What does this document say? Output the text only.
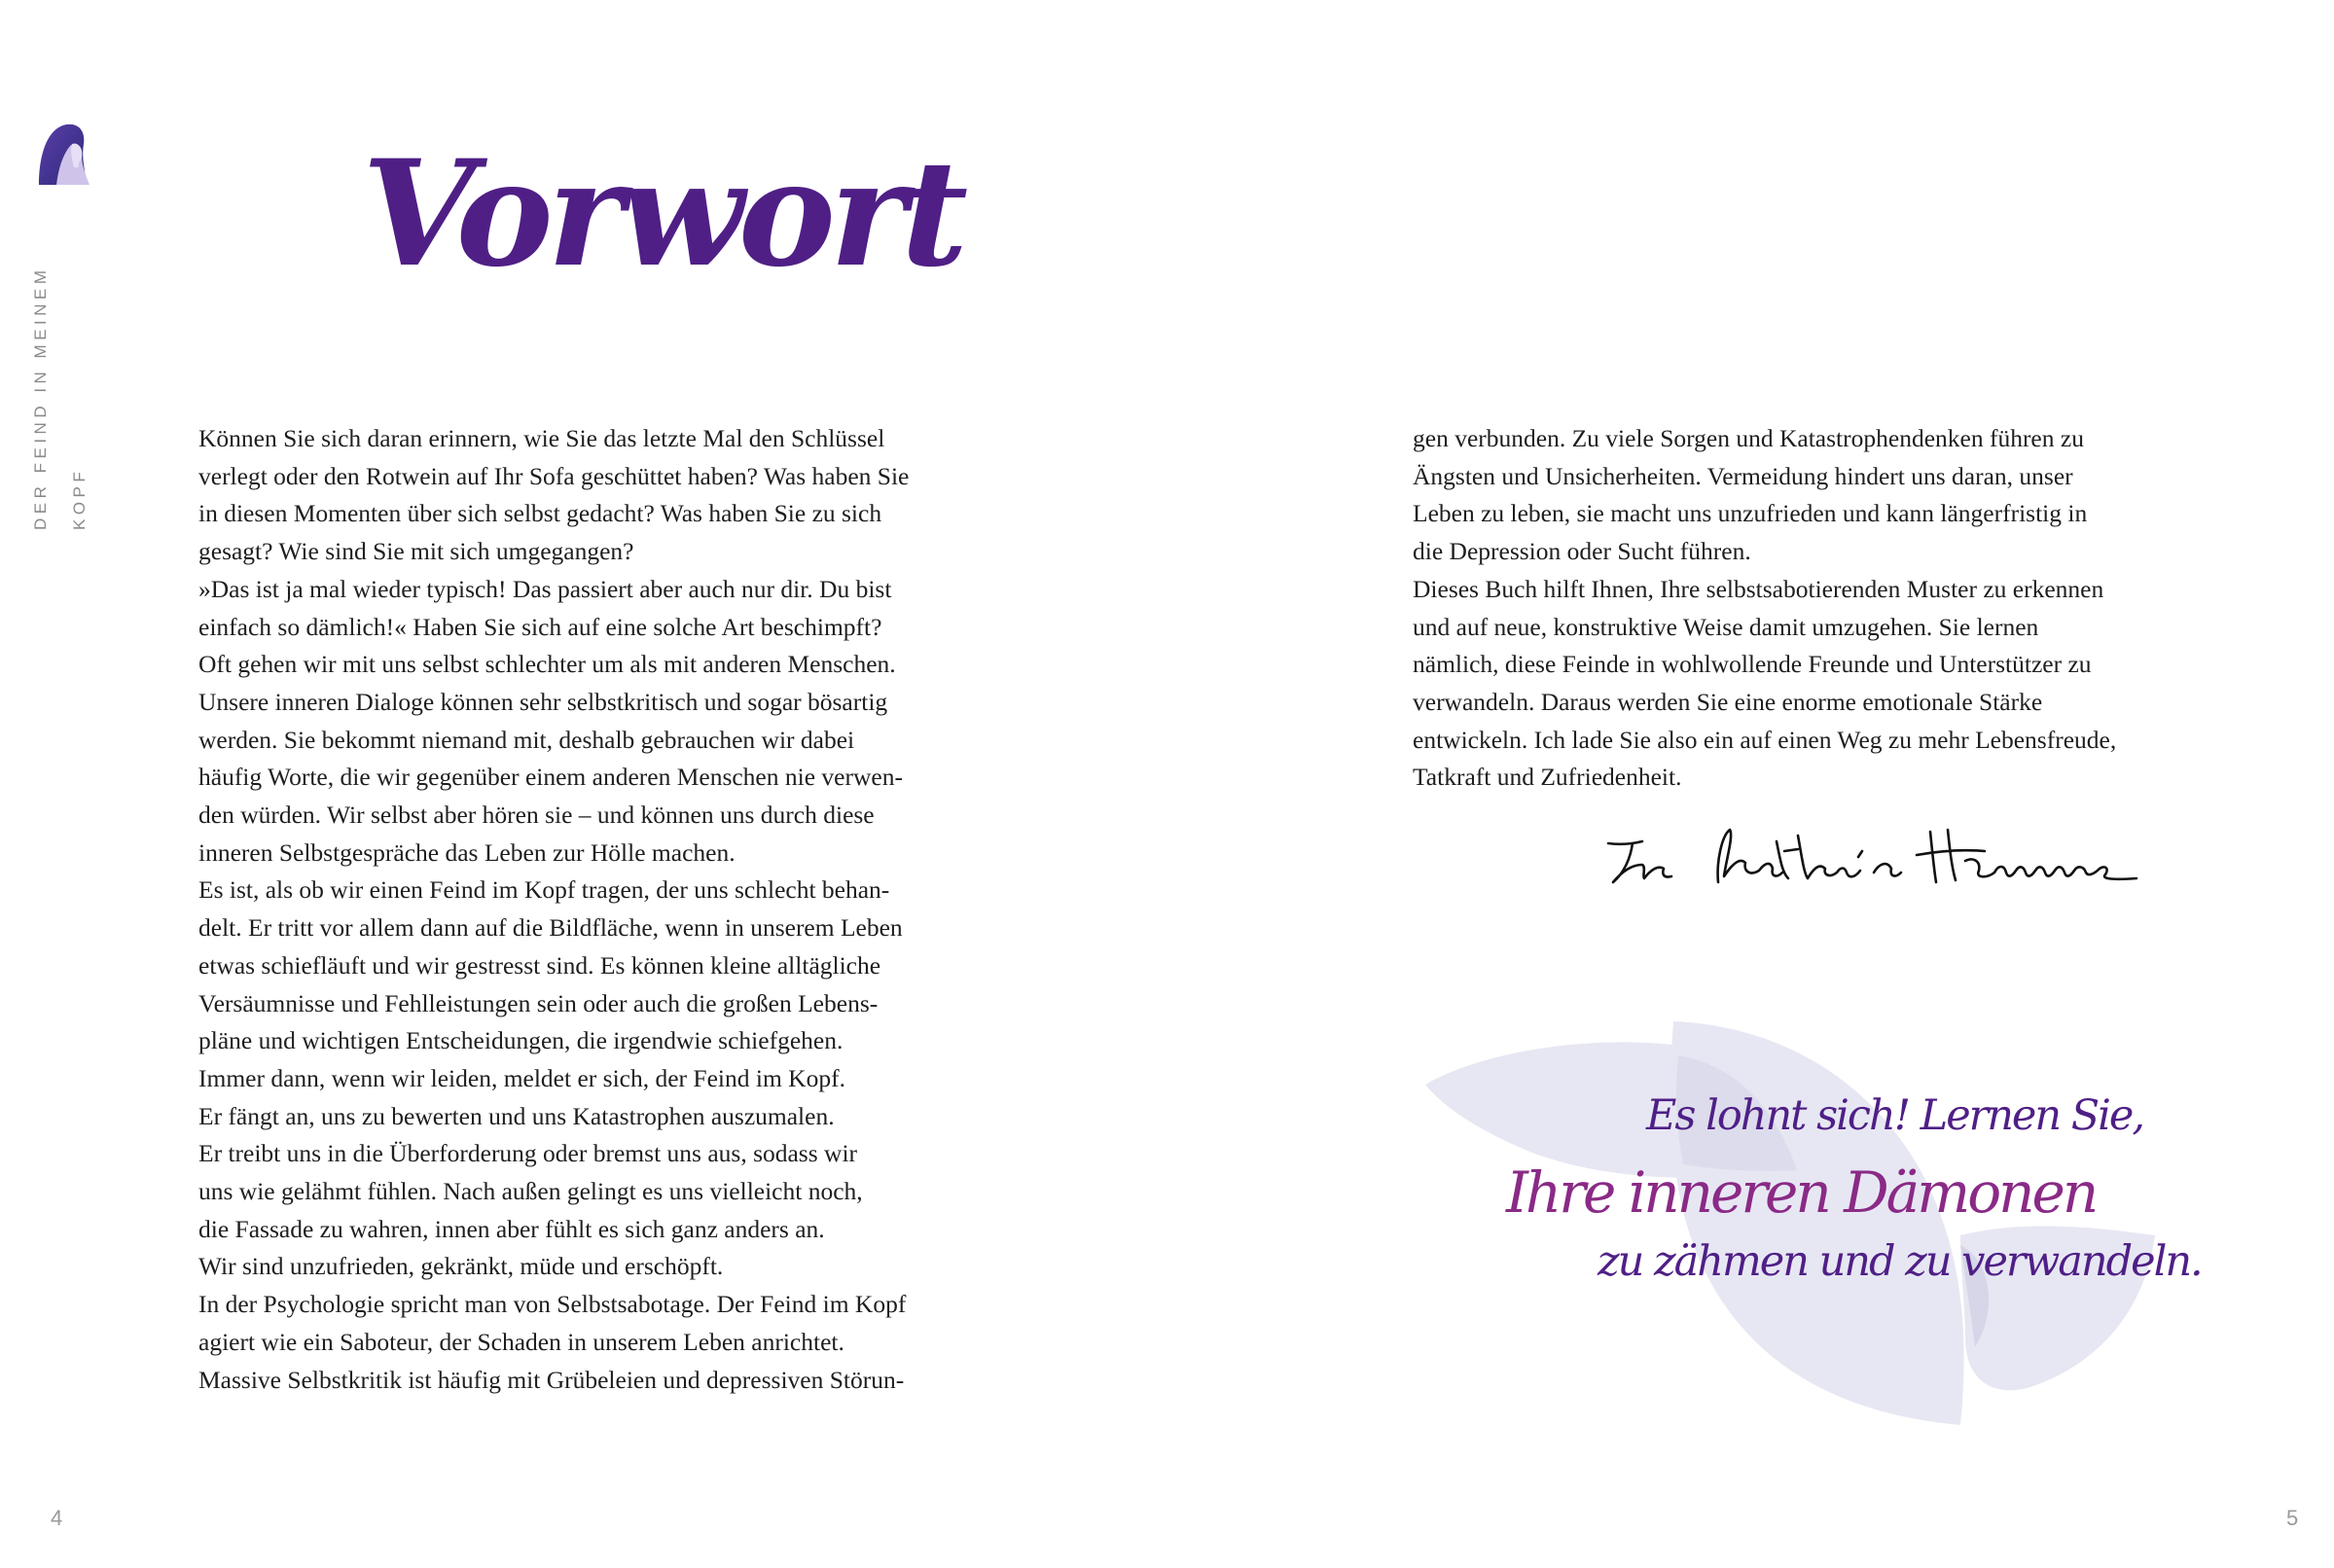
DER FEIND IN MEINEM KOPF
Vorwort

Können Sie sich daran erinnern, wie Sie das letzte Mal den Schlüssel
verlegt oder den Rotwein auf Ihr Sofa geschüttet haben? Was haben Sie
in diesen Momenten über sich selbst gedacht? Was haben Sie zu sich
gesagt? Wie sind Sie mit sich umgegangen?

»Das ist ja mal wieder typisch! Das passiert aber auch nur dir. Du bist
einfach so dämlich!« Haben Sie sich auf eine solche Art beschimpft?
Oft gehen wir mit uns selbst schlechter um als mit anderen Menschen.
Unsere inneren Dialoge können sehr selbstkritisch und sogar bösartig
werden. Sie bekommt niemand mit, deshalb gebrauchen wir dabei
häufig Worte, die wir gegenüber einem anderen Menschen nie verwen-
den würden. Wir selbst aber hören sie – und können uns durch diese
inneren Selbstgespräche das Leben zur Hölle machen.

Es ist, als ob wir einen Feind im Kopf tragen, der uns schlecht behan-
delt. Er tritt vor allem dann auf die Bildfläche, wenn in unserem Leben
etwas schiefläuft und wir gestresst sind. Es können kleine alltägliche
Versäumnisse und Fehlleistungen sein oder auch die großen Lebens-
pläne und wichtigen Entscheidungen, die irgendwie schiefgehen.
Immer dann, wenn wir leiden, meldet er sich, der Feind im Kopf.
Er fängt an, uns zu bewerten und uns Katastrophen auszumalen.
Er treibt uns in die Überforderung oder bremst uns aus, sodass wir
uns wie gelähmt fühlen. Nach außen gelingt es uns vielleicht noch,
die Fassade zu wahren, innen aber fühlt es sich ganz anders an.
Wir sind unzufrieden, gekränkt, müde und erschöpft.

In der Psychologie spricht man von Selbstsabotage. Der Feind im Kopf
agiert wie ein Saboteur, der Schaden in unserem Leben anrichtet.
Massive Selbstkritik ist häufig mit Grübeleien und depressiven Störun-

gen verbunden. Zu viele Sorgen und Katastrophendenken führen zu
Ängsten und Unsicherheiten. Vermeidung hindert uns daran, unser
Leben zu leben, sie macht uns unzufrieden und kann längerfristig in
die Depression oder Sucht führen.

Dieses Buch hilft Ihnen, Ihre selbstsabotierenden Muster zu erkennen
und auf neue, konstruktive Weise damit umzugehen. Sie lernen
nämlich, diese Feinde in wohlwollende Freunde und Unterstützer zu
verwandeln. Daraus werden Sie eine enorme emotionale Stärke
entwickeln. Ich lade Sie also ein auf einen Weg zu mehr Lebensfreude,
Tatkraft und Zufriedenheit.

Es lohnt sich! Lernen Sie,
Ihre inneren Dämonen
zu zähmen und zu verwandeln.
4	5
